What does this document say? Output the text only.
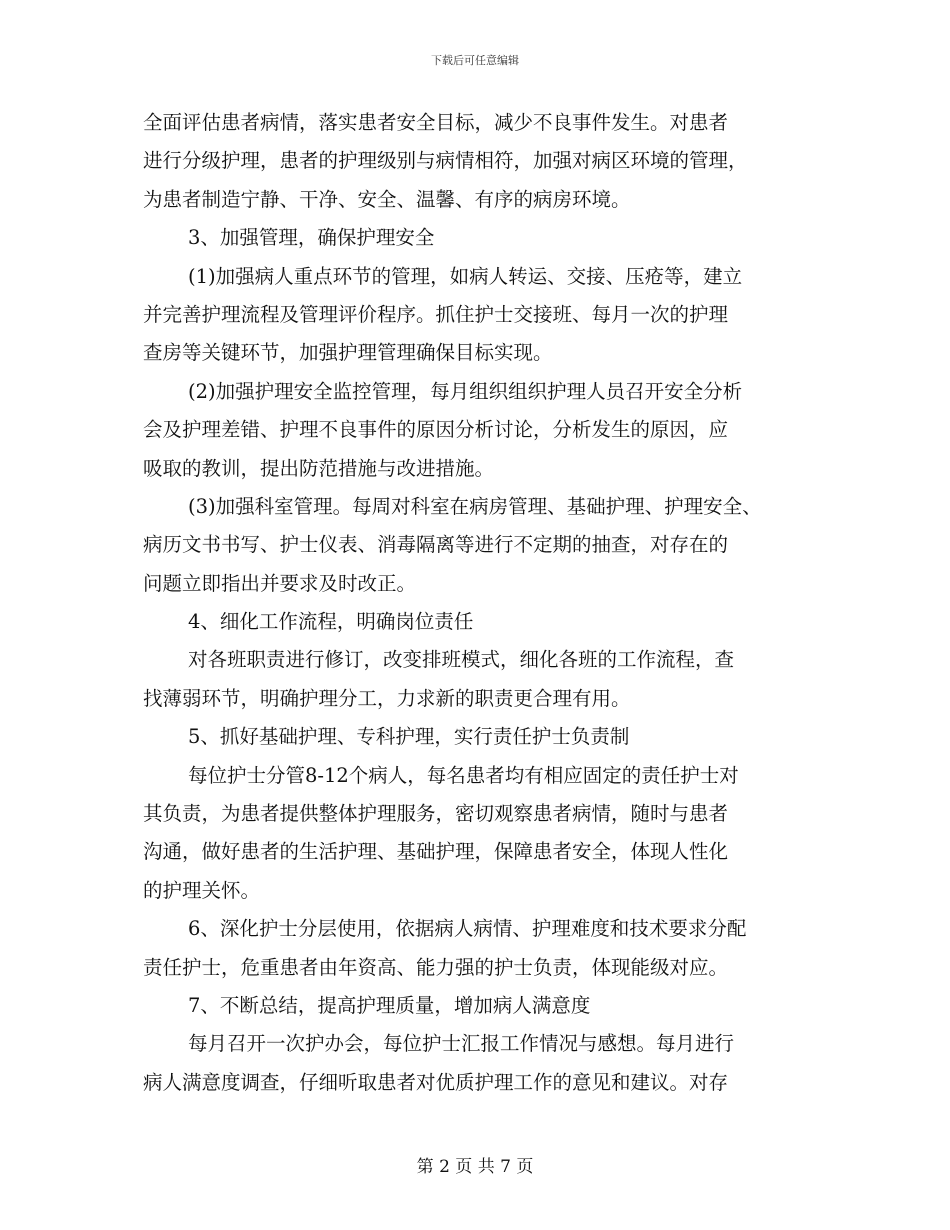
下载后可任意编辑
全面评估患者病情，落实患者安全目标，减少不良事件发生。对患者
进行分级护理，患者的护理级别与病情相符，加强对病区环境的管理，
为患者制造宁静、干净、安全、温馨、有序的病房环境。
3、加强管理，确保护理安全
(1)加强病人重点环节的管理，如病人转运、交接、压疮等，建立
并完善护理流程及管理评价程序。抓住护士交接班、每月一次的护理
查房等关键环节，加强护理管理确保目标实现。
(2)加强护理安全监控管理，每月组织组织护理人员召开安全分析
会及护理差错、护理不良事件的原因分析讨论，分析发生的原因，应
吸取的教训，提出防范措施与改进措施。
(3)加强科室管理。每周对科室在病房管理、基础护理、护理安全、
病历文书书写、护士仪表、消毒隔离等进行不定期的抽查，对存在的
问题立即指出并要求及时改正。
4、细化工作流程，明确岗位责任
对各班职责进行修订，改变排班模式，细化各班的工作流程，查
找薄弱环节，明确护理分工，力求新的职责更合理有用。
5、抓好基础护理、专科护理，实行责任护士负责制
每位护士分管8-12个病人，每名患者均有相应固定的责任护士对
其负责，为患者提供整体护理服务，密切观察患者病情，随时与患者
沟通，做好患者的生活护理、基础护理，保障患者安全，体现人性化
的护理关怀。
6、深化护士分层使用，依据病人病情、护理难度和技术要求分配
责任护士，危重患者由年资高、能力强的护士负责，体现能级对应。
7、不断总结，提高护理质量，增加病人满意度
每月召开一次护办会，每位护士汇报工作情况与感想。每月进行
病人满意度调查，仔细听取患者对优质护理工作的意见和建议。对存
第 2 页 共 7 页
